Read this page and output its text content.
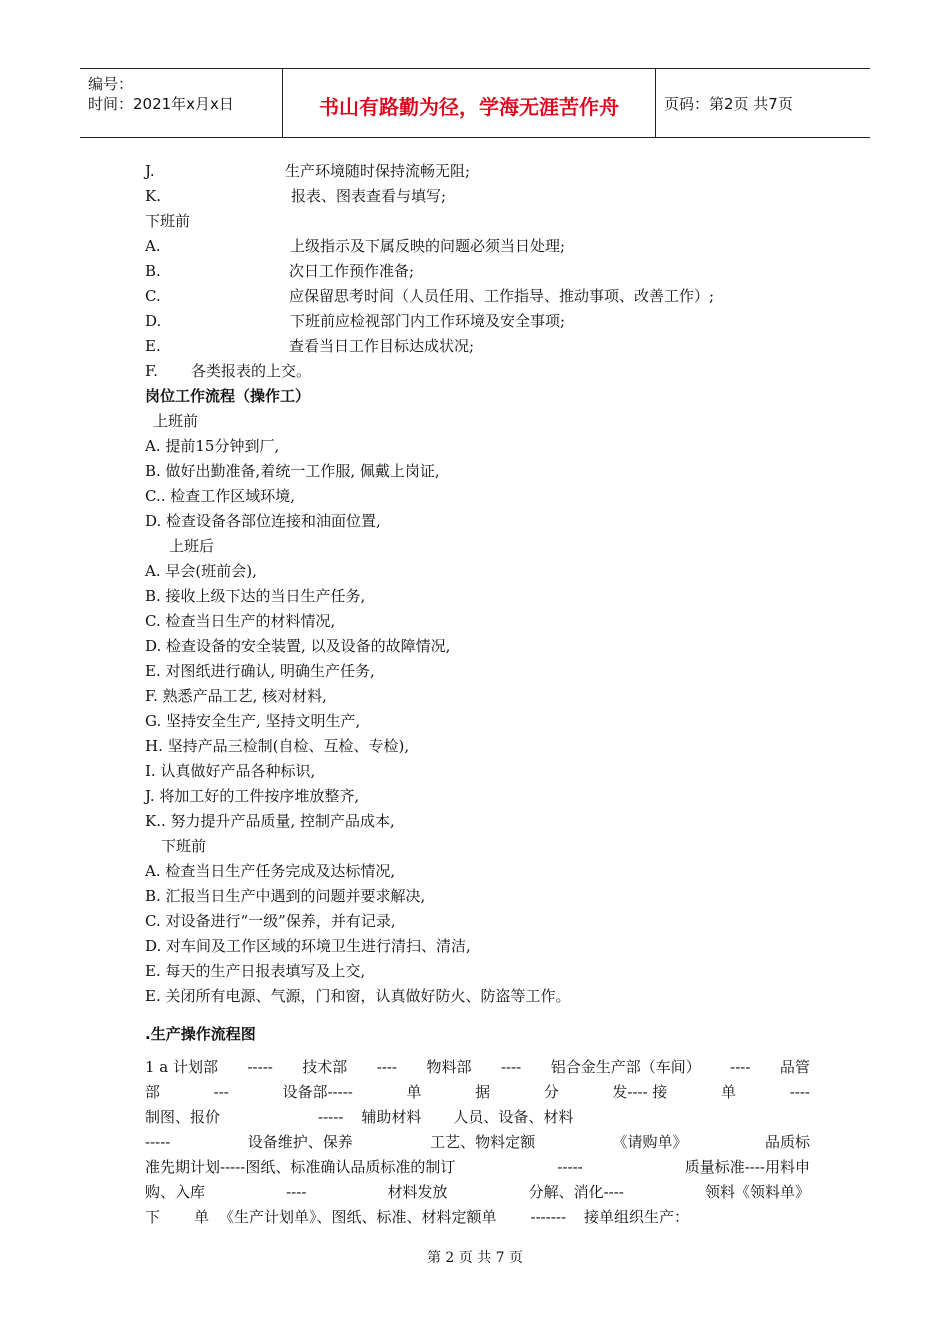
编号：
时间：2021年x月x日	书山有路勤为径，学海无涯苦作舟	页码：第2页 共7页
J.	生产环境随时保持流畅无阻;
K.	报表、图表查看与填写;
下班前
A.	上级指示及下属反映的问题必须当日处理;
B.	次日工作预作准备;
C.	应保留思考时间（人员任用、工作指导、推动事项、改善工作）;
D.	下班前应检视部门内工作环境及安全事项;
E.	查看当日工作目标达成状况;
F. 各类报表的上交。
岗位工作流程（操作工）
上班前
A. 提前15分钟到厂,
B. 做好出勤准备,着统一工作服, 佩戴上岗证,
C.. 检查工作区域环境,
D. 检查设备各部位连接和油面位置,
上班后
A. 早会(班前会),
B. 接收上级下达的当日生产任务,
C. 检查当日生产的材料情况,
D. 检查设备的安全装置, 以及设备的故障情况,
E. 对图纸进行确认, 明确生产任务,
F. 熟悉产品工艺, 核对材料,
G. 坚持安全生产, 坚持文明生产,
H. 坚持产品三检制(自检、互检、专检),
I. 认真做好产品各种标识,
J. 将加工好的工件按序堆放整齐,
K.. 努力提升产品质量, 控制产品成本,
下班前
A. 检查当日生产任务完成及达标情况,
B. 汇报当日生产中遇到的问题并要求解决,
C. 对设备进行“一级”保养，并有记录,
D. 对车间及工作区域的环境卫生进行清扫、清洁,
E. 每天的生产日报表填写及上交,
E. 关闭所有电源、气源，门和窗，认真做好防火、防盗等工作。
.生产操作流程图
1 a 计划部 ----- 技术部 ---- 物料部 ---- 铝合金生产部（车间） ---- 品管
部	---	设备部-----	单	据	分	发---- 接	单	----
制图、报价	----- 辅助材料 人员、设备、材料
-----	设备维护、保养	工艺、物料定额	《请购单》	品质标
准先期计划-----图纸、标准确认品质标准的制订	-----	质量标准----用料申
购、入库	----	材料发放	分解、消化----	领料《领料单》
下 单 《生产计划单》、图纸、标准、材料定额单 ------- 接单组织生产：
第 2 页 共 7 页
